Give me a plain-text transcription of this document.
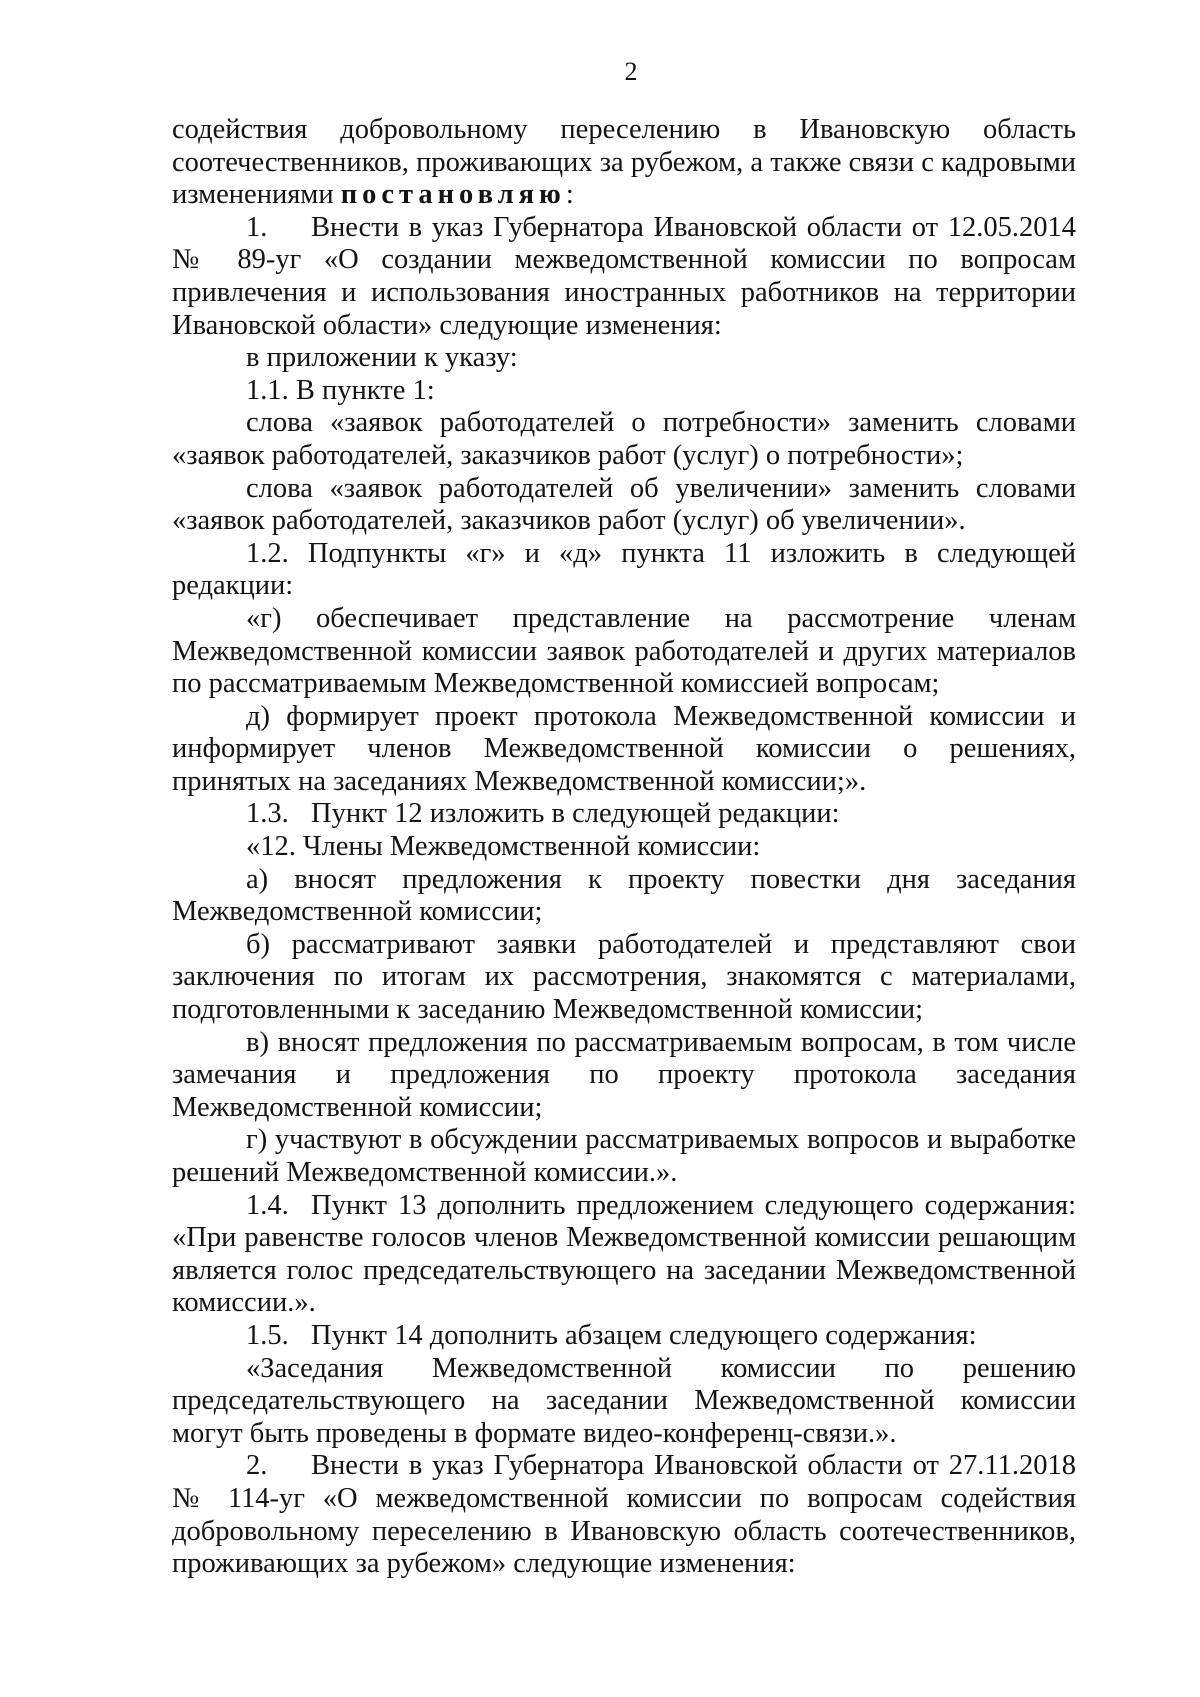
2

содействия добровольному переселению в Ивановскую область соотечественников, проживающих за рубежом, а также связи с кадровыми изменениями постановляю:

1. Внести в указ Губернатора Ивановской области от 12.05.2014 № 89-уг «О создании межведомственной комиссии по вопросам привлечения и использования иностранных работников на территории Ивановской области» следующие изменения:

в приложении к указу:

1.1. В пункте 1:

слова «заявок работодателей о потребности» заменить словами «заявок работодателей, заказчиков работ (услуг) о потребности»;

слова «заявок работодателей об увеличении» заменить словами «заявок работодателей, заказчиков работ (услуг) об увеличении».

1.2. Подпункты «г» и «д» пункта 11 изложить в следующей редакции:

«г) обеспечивает представление на рассмотрение членам Межведомственной комиссии заявок работодателей и других материалов по рассматриваемым Межведомственной комиссией вопросам;

д) формирует проект протокола Межведомственной комиссии и информирует членов Межведомственной комиссии о решениях, принятых на заседаниях Межведомственной комиссии;».

1.3. Пункт 12 изложить в следующей редакции:

«12. Члены Межведомственной комиссии:

а) вносят предложения к проекту повестки дня заседания Межведомственной комиссии;

б) рассматривают заявки работодателей и представляют свои заключения по итогам их рассмотрения, знакомятся с материалами, подготовленными к заседанию Межведомственной комиссии;

в) вносят предложения по рассматриваемым вопросам, в том числе замечания и предложения по проекту протокола заседания Межведомственной комиссии;

г) участвуют в обсуждении рассматриваемых вопросов и выработке решений Межведомственной комиссии.».

1.4. Пункт 13 дополнить предложением следующего содержания: «При равенстве голосов членов Межведомственной комиссии решающим является голос председательствующего на заседании Межведомственной комиссии.».

1.5. Пункт 14 дополнить абзацем следующего содержания:

«Заседания Межведомственной комиссии по решению председательствующего на заседании Межведомственной комиссии могут быть проведены в формате видео-конференц-связи.».

2. Внести в указ Губернатора Ивановской области от 27.11.2018 № 114-уг «О межведомственной комиссии по вопросам содействия добровольному переселению в Ивановскую область соотечественников, проживающих за рубежом» следующие изменения:
